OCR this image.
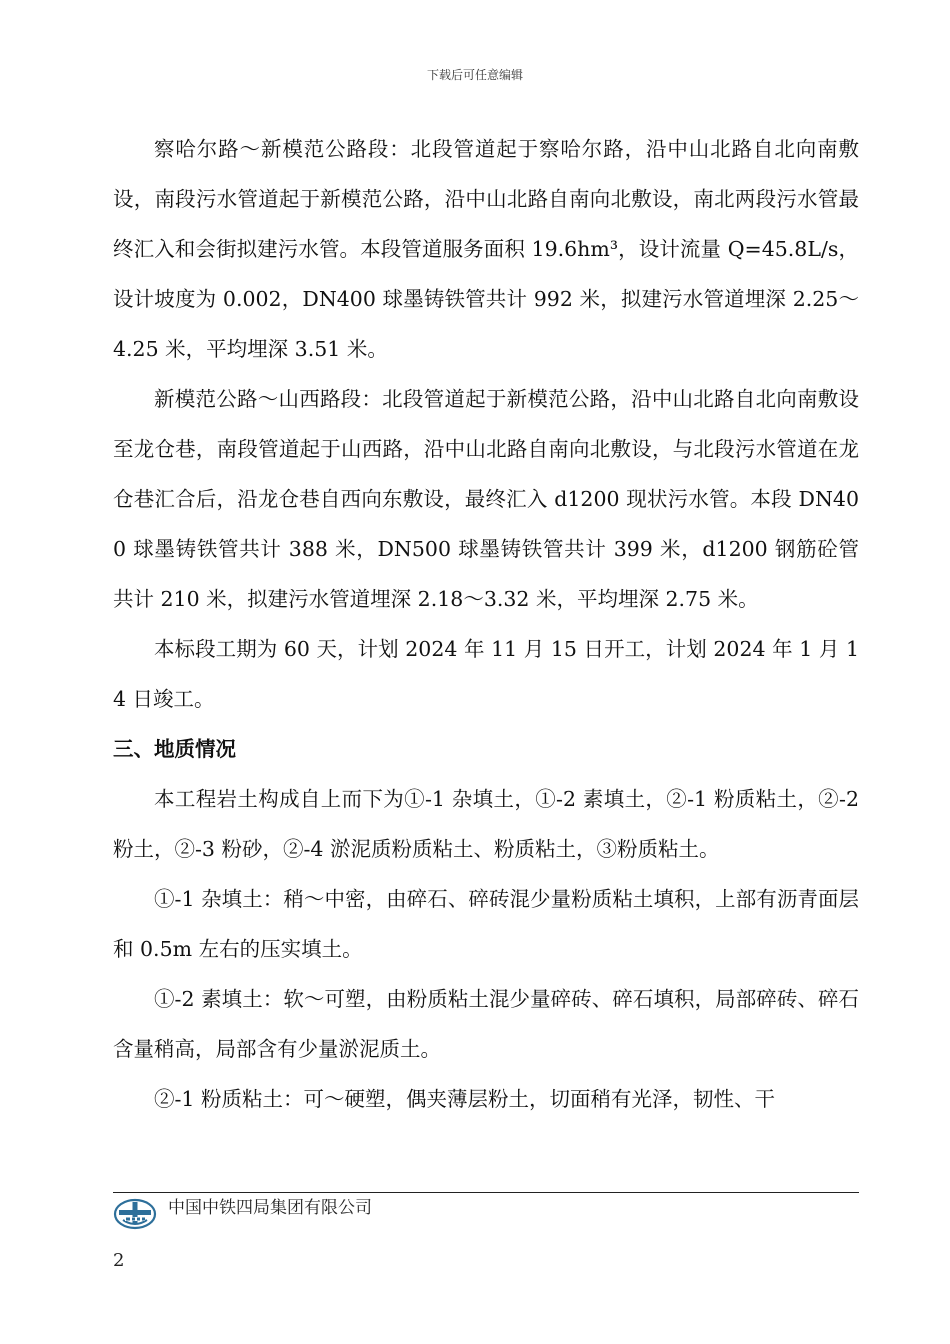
下载后可任意编辑

察哈尔路～新模范公路段：北段管道起于察哈尔路，沿中山北路自北向南敷设，南段污水管道起于新模范公路，沿中山北路自南向北敷设，南北两段污水管最终汇入和会街拟建污水管。本段管道服务面积 19.6hm³，设计流量 Q=45.8L/s，设计坡度为 0.002，DN400 球墨铸铁管共计 992 米，拟建污水管道埋深 2.25～4.25 米，平均埋深 3.51 米。

新模范公路～山西路段：北段管道起于新模范公路，沿中山北路自北向南敷设至龙仓巷，南段管道起于山西路，沿中山北路自南向北敷设，与北段污水管道在龙仓巷汇合后，沿龙仓巷自西向东敷设，最终汇入 d1200 现状污水管。本段 DN400 球墨铸铁管共计 388 米，DN500 球墨铸铁管共计 399 米，d1200 钢筋砼管共计 210 米，拟建污水管道埋深 2.18～3.32 米，平均埋深 2.75 米。

本标段工期为 60 天，计划 2024 年 11 月 15 日开工，计划 2024 年 1 月 14 日竣工。

三、地质情况

本工程岩土构成自上而下为①-1 杂填土，①-2 素填土，②-1 粉质粘土，②-2 粉土，②-3 粉砂，②-4 淤泥质粉质粘土、粉质粘土，③粉质粘土。

①-1 杂填土：稍～中密，由碎石、碎砖混少量粉质粘土填积，上部有沥青面层和 0.5m 左右的压实填土。

①-2 素填土：软～可塑，由粉质粘土混少量碎砖、碎石填积，局部碎砖、碎石含量稍高，局部含有少量淤泥质土。

②-1 粉质粘土：可～硬塑，偶夹薄层粉土，切面稍有光泽，韧性、干

中国中铁四局集团有限公司
2
